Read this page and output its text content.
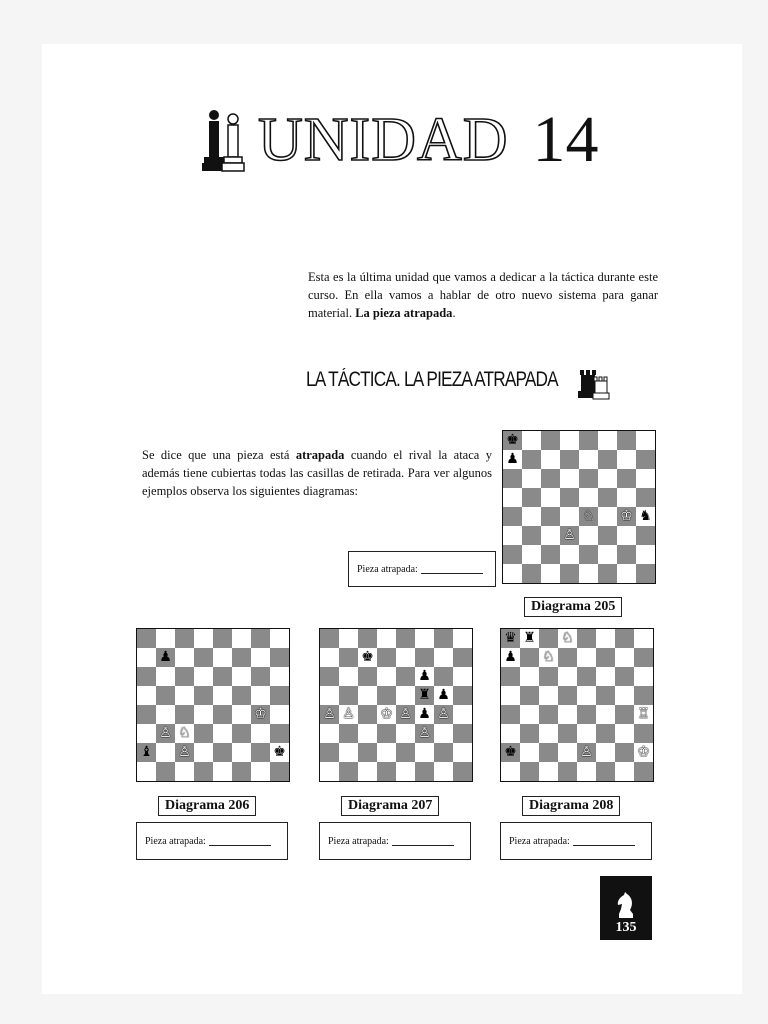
UNIDAD 14
Esta es la última unidad que vamos a dedicar a la táctica durante este curso. En ella vamos a hablar de otro nuevo sistema para ganar material. La pieza atrapada.
LA TÁCTICA. LA PIEZA ATRAPADA
Se dice que una pieza está atrapada cuando el rival la ataca y además tiene cubiertas todas las casillas de retirada. Para ver algunos ejemplos observa los siguientes diagramas:
Pieza atrapada:
♚
♟
♘ ♔ ♞
♙
Diagrama 205
♟
♔
♙ ♘
♝ ♙	♚
Diagrama 206
♚
♟
♜ ♟
♙ ♙ ♔ ♙ ♟ ♙
♙
Diagrama 207
♛ ♜ ♘
♟ ♘
♖
♚	♙	♔
Diagrama 208
Pieza atrapada:	Pieza atrapada:	Pieza atrapada:
135
